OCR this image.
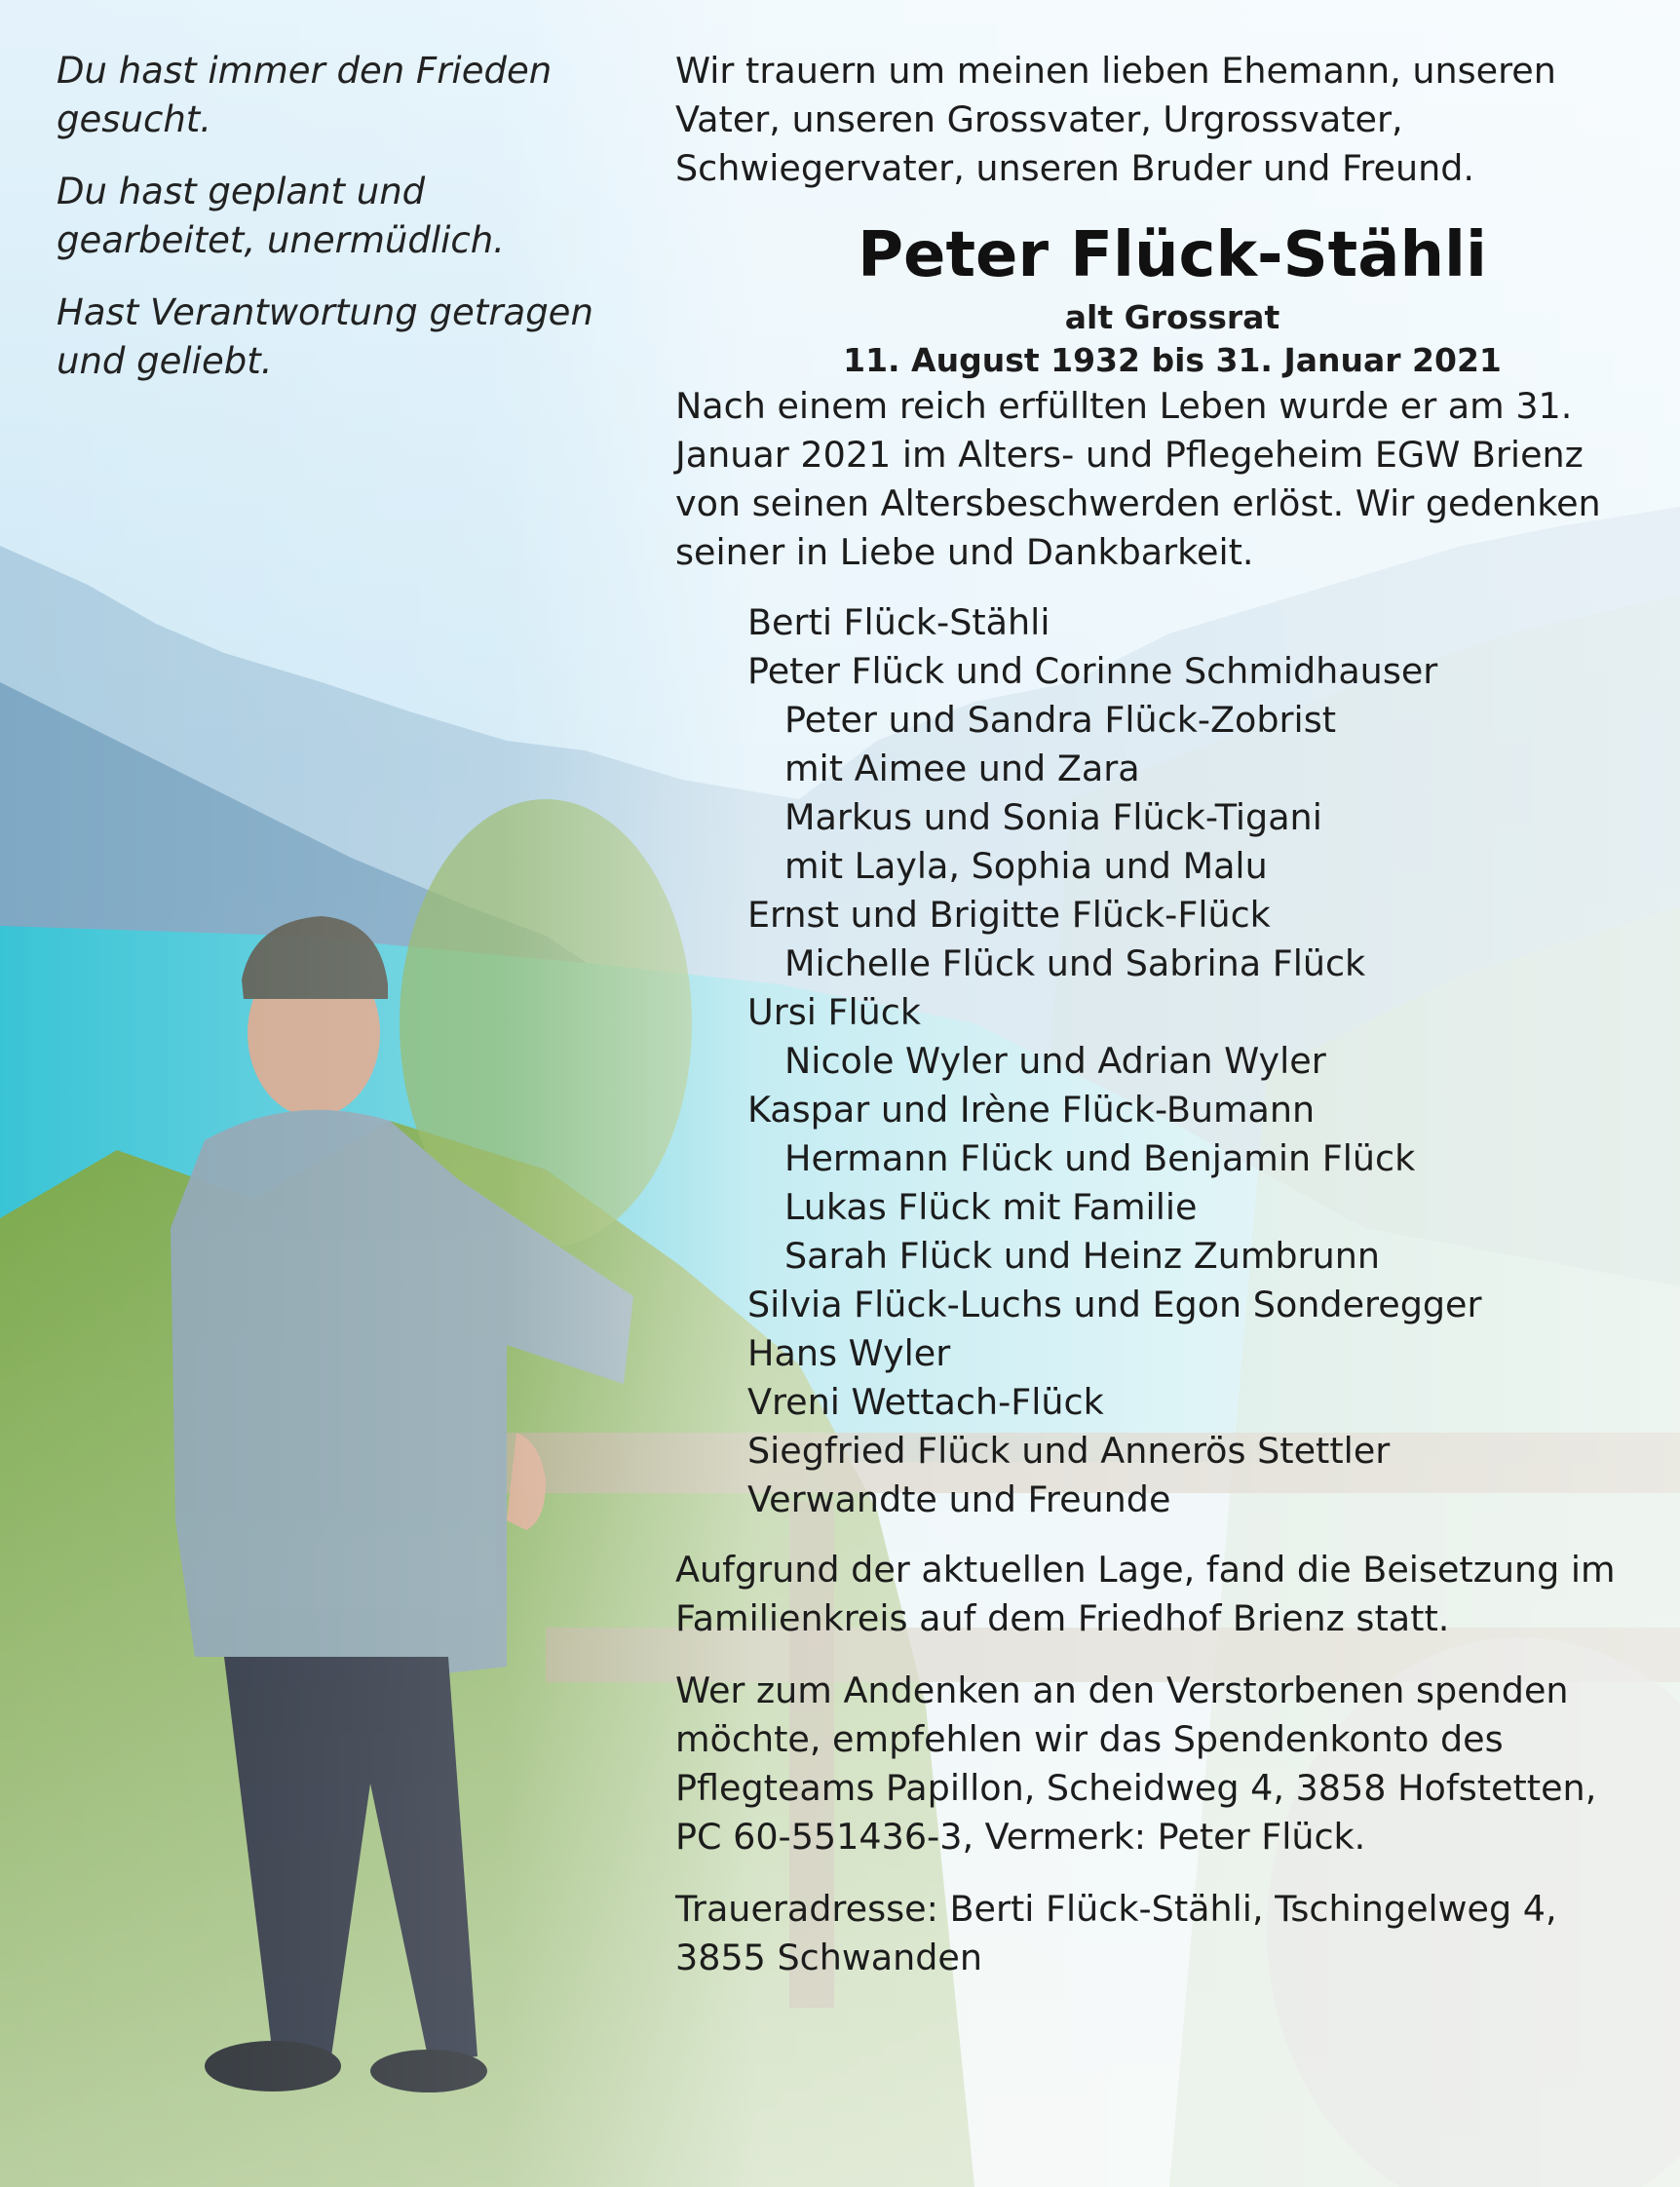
Du hast immer den Frieden gesucht.

Du hast geplant und gearbeitet, unermüdlich.

Hast Verantwortung getragen und geliebt.

Wir trauern um meinen lieben Ehemann, unseren Vater, unseren Grossvater, Urgrossvater, Schwiegervater, unseren Bruder und Freund.

Peter Flück-Stähli

alt Grossrat

11. August 1932 bis 31. Januar 2021

Nach einem reich erfüllten Leben wurde er am 31. Januar 2021 im Alters- und Pflegeheim EGW Brienz von seinen Altersbeschwerden erlöst. Wir gedenken seiner in Liebe und Dankbarkeit.

Berti Flück-Stähli
Peter Flück und Corinne Schmidhauser
Peter und Sandra Flück-Zobrist
mit Aimee und Zara
Markus und Sonia Flück-Tigani
mit Layla, Sophia und Malu
Ernst und Brigitte Flück-Flück
Michelle Flück und Sabrina Flück
Ursi Flück
Nicole Wyler und Adrian Wyler
Kaspar und Irène Flück-Bumann
Hermann Flück und Benjamin Flück
Lukas Flück mit Familie
Sarah Flück und Heinz Zumbrunn
Silvia Flück-Luchs und Egon Sonderegger
Hans Wyler
Vreni Wettach-Flück
Siegfried Flück und Annerös Stettler
Verwandte und Freunde

Aufgrund der aktuellen Lage, fand die Beisetzung im Familienkreis auf dem Friedhof Brienz statt.

Wer zum Andenken an den Verstorbenen spenden möchte, empfehlen wir das Spendenkonto des Pflegteams Papillon, Scheidweg 4, 3858 Hofstetten, PC 60-551436-3, Vermerk: Peter Flück.

Traueradresse: Berti Flück-Stähli, Tschingelweg 4, 3855 Schwanden
